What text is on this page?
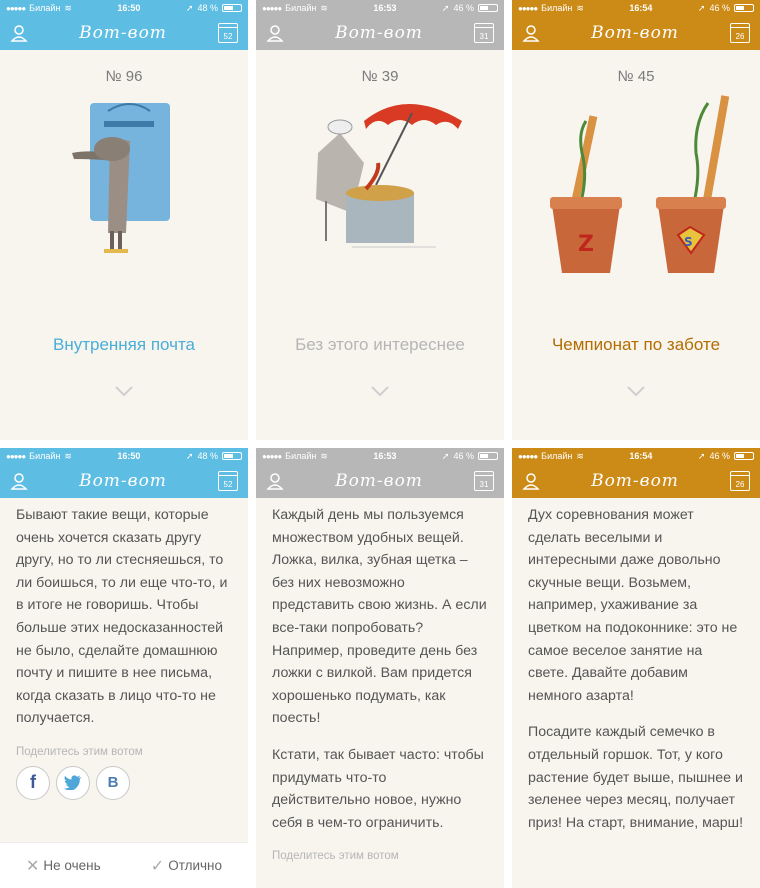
●●●●● Билайн ≋	16:50	➚ 48 %
Вот-вот	52
№ 96
Внутренняя почта
●●●●● Билайн ≋	16:53	➚ 46 %
Вот-вот	31
№ 39
Без этого интереснее
●●●●● Билайн ≋	16:54	➚ 46 %
Вот-вот	26
№ 45
Z	S
Чемпионат по заботе
●●●●● Билайн ≋	16:50	➚ 48 %
Вот-вот	52

Бывают такие вещи, которые очень хочется сказать другу другу, но то ли стесняешься, то ли боишься, то ли еще что-то, и в итоге не говоришь. Чтобы больше этих недосказанностей не было, сделайте домашнюю почту и пишите в нее письма, когда сказать в лицо что-то не получается.

Поделитесь этим вотом
f	B
✕ Не очень	✓ Отлично
●●●●● Билайн ≋	16:53	➚ 46 %
Вот-вот	31

Каждый день мы пользуемся множеством удобных вещей. Ложка, вилка, зубная щетка – без них невозможно представить свою жизнь. А если все-таки попробовать? Например, проведите день без ложки с вилкой. Вам придется хорошенько подумать, как поесть!

Кстати, так бывает часто: чтобы придумать что-то действительно новое, нужно себя в чем-то ограничить.

Поделитесь этим вотом
●●●●● Билайн ≋	16:54	➚ 46 %
Вот-вот	26

Дух соревнования может сделать веселыми и интересными даже довольно скучные вещи. Возьмем, например, ухаживание за цветком на подоконнике: это не самое веселое занятие на свете. Давайте добавим немного азарта!

Посадите каждый семечко в отдельный горшок. Тот, у кого растение будет выше, пышнее и зеленее через месяц, получает приз! На старт, внимание, марш!
